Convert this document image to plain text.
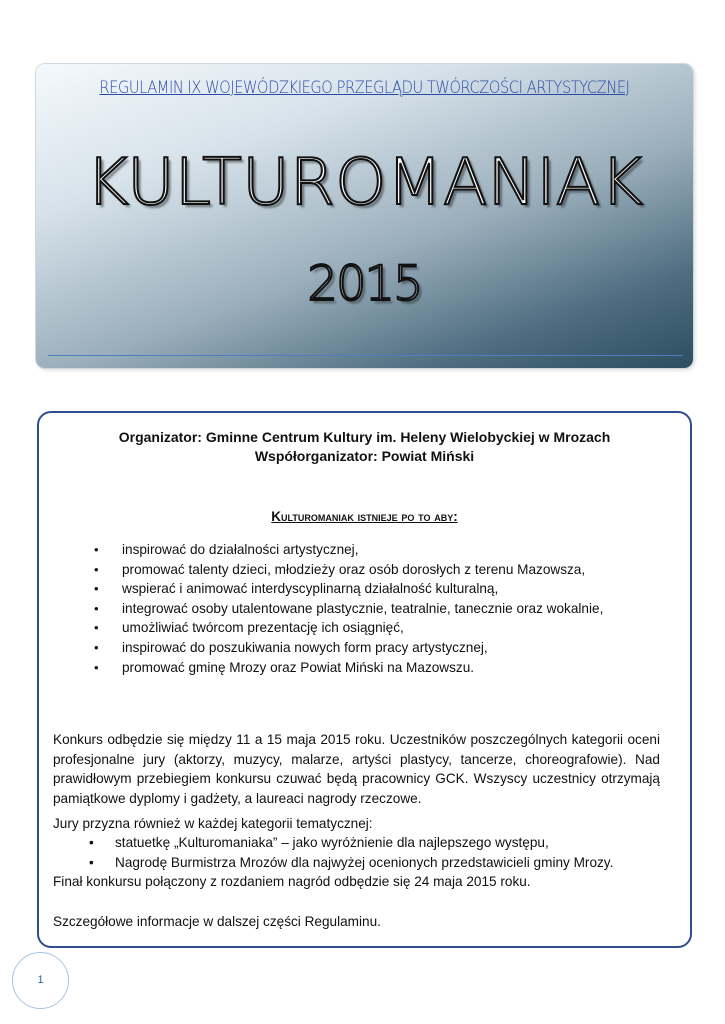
REGULAMIN IX WOJEWÓDZKIEGO PRZEGLĄDU TWÓRCZOŚCI ARTYSTYCZNEJ
KULTUROMANIAK
2015
Organizator: Gminne Centrum Kultury im. Heleny Wielobyckiej w Mrozach
Współorganizator: Powiat Miński
Kulturomaniak istnieje po to aby:
• inspirować do działalności artystycznej,
• promować talenty dzieci, młodzieży oraz osób dorosłych z terenu Mazowsza,
• wspierać i animować interdyscyplinarną działalność kulturalną,
• integrować osoby utalentowane plastycznie, teatralnie, tanecznie oraz wokalnie,
• umożliwiać twórcom prezentację ich osiągnięć,
• inspirować do poszukiwania nowych form pracy artystycznej,
• promować gminę Mrozy oraz Powiat Miński na Mazowszu.

Konkurs odbędzie się między 11 a 15 maja 2015 roku. Uczestników poszczególnych kategorii oceni profesjonalne jury (aktorzy, muzycy, malarze, artyści plastycy, tancerze, choreografowie). Nad prawidłowym przebiegiem konkursu czuwać będą pracownicy GCK. Wszyscy uczestnicy otrzymają pamiątkowe dyplomy i gadżety, a laureaci nagrody rzeczowe.

Jury przyzna również w każdej kategorii tematycznej:

• statuetkę „Kulturomaniaka” – jako wyróżnienie dla najlepszego występu,
• Nagrodę Burmistrza Mrozów dla najwyżej ocenionych przedstawicieli gminy Mrozy.

Finał konkursu połączony z rozdaniem nagród odbędzie się 24 maja 2015 roku.

Szczegółowe informacje w dalszej części Regulaminu.

1
